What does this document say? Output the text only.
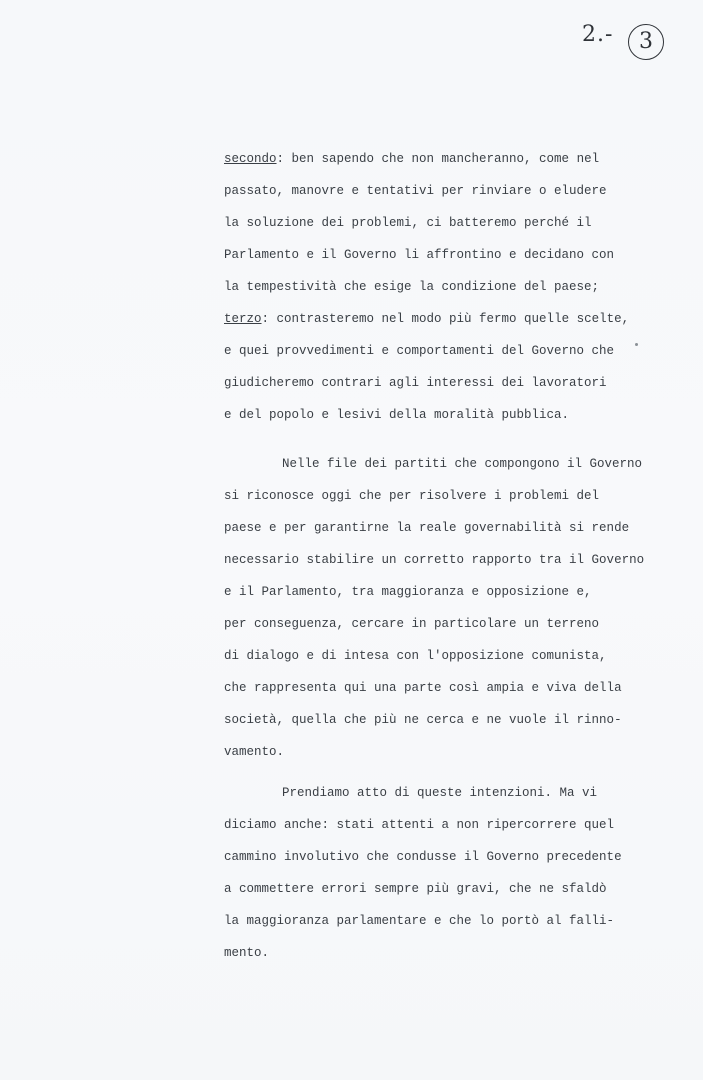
2.-	3
secondo: ben sapendo che non mancheranno, come nel
passato, manovre e tentativi per rinviare o eludere
la soluzione dei problemi, ci batteremo perché il
Parlamento e il Governo li affrontino e decidano con
la tempestività che esige la condizione del paese;
terzo: contrasteremo nel modo più fermo quelle scelte,
e quei provvedimenti e comportamenti del Governo che
giudicheremo contrari agli interessi dei lavoratori
e del popolo e lesivi della moralità pubblica.
Nelle file dei partiti che compongono il Governo
si riconosce oggi che per risolvere i problemi del
paese e per garantirne la reale governabilità si rende
necessario stabilire un corretto rapporto tra il Governo
e il Parlamento, tra maggioranza e opposizione e,
per conseguenza, cercare in particolare un terreno
di dialogo e di intesa con l'opposizione comunista,
che rappresenta qui una parte così ampia e viva della
società, quella che più ne cerca e ne vuole il rinno-
vamento.
Prendiamo atto di queste intenzioni. Ma vi
diciamo anche: stati attenti a non ripercorrere quel
cammino involutivo che condusse il Governo precedente
a commettere errori sempre più gravi, che ne sfaldò
la maggioranza parlamentare e che lo portò al falli-
mento.
